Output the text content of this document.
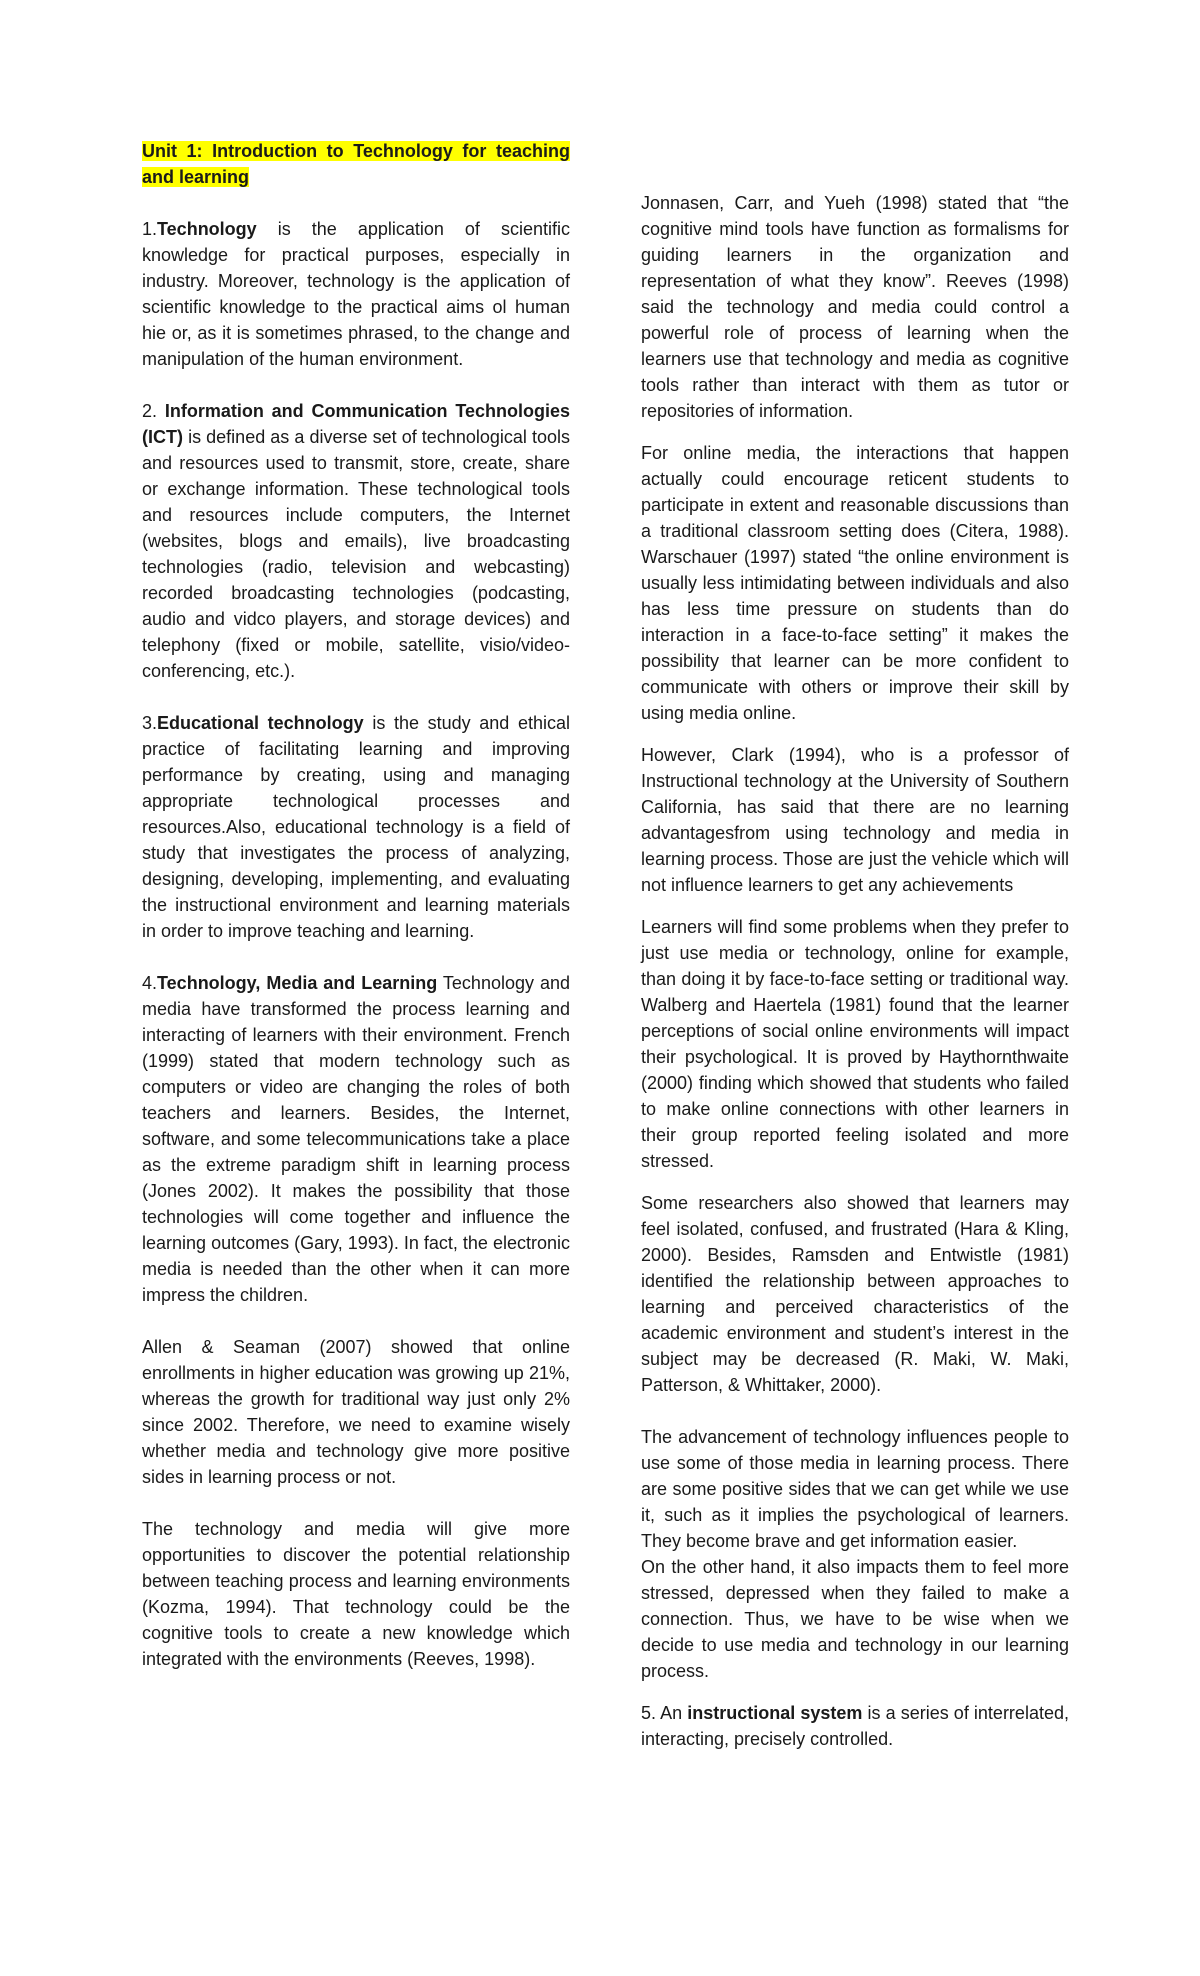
Unit 1: Introduction to Technology for teaching and learning

1.Technology is the application of scientific knowledge for practical purposes, especially in industry. Moreover, technology is the application of scientific knowledge to the practical aims ol human hie or, as it is sometimes phrased, to the change and manipulation of the human environment.

2. Information and Communication Technologies (ICT) is defined as a diverse set of technological tools and resources used to transmit, store, create, share or exchange information. These technological tools and resources include computers, the Internet (websites, blogs and emails), live broadcasting technologies (radio, television and webcasting) recorded broadcasting technologies (podcasting, audio and vidco players, and storage devices) and telephony (fixed or mobile, satellite, visio/video-conferencing, etc.).

3.Educational technology is the study and ethical practice of facilitating learning and improving performance by creating, using and managing appropriate technological processes and resources.Also, educational technology is a field of study that investigates the process of analyzing, designing, developing, implementing, and evaluating the instructional environment and learning materials in order to improve teaching and learning.

4.Technology, Media and Learning Technology and media have transformed the process learning and interacting of learners with their environment. French (1999) stated that modern technology such as computers or video are changing the roles of both teachers and learners. Besides, the Internet, software, and some telecommunications take a place as the extreme paradigm shift in learning process (Jones 2002). It makes the possibility that those technologies will come together and influence the learning outcomes (Gary, 1993). In fact, the electronic media is needed than the other when it can more impress the children.

Allen & Seaman (2007) showed that online enrollments in higher education was growing up 21%, whereas the growth for traditional way just only 2% since 2002. Therefore, we need to examine wisely whether media and technology give more positive sides in learning process or not.

The technology and media will give more opportunities to discover the potential relationship between teaching process and learning environments (Kozma, 1994). That technology could be the cognitive tools to create a new knowledge which integrated with the environments (Reeves, 1998).

Jonnasen, Carr, and Yueh (1998) stated that “the cognitive mind tools have function as formalisms for guiding learners in the organization and representation of what they know”. Reeves (1998) said the technology and media could control a powerful role of process of learning when the learners use that technology and media as cognitive tools rather than interact with them as tutor or repositories of information.

For online media, the interactions that happen actually could encourage reticent students to participate in extent and reasonable discussions than a traditional classroom setting does (Citera, 1988). Warschauer (1997) stated “the online environment is usually less intimidating between individuals and also has less time pressure on students than do interaction in a face-to-face setting” it makes the possibility that learner can be more confident to communicate with others or improve their skill by using media online.

However, Clark (1994), who is a professor of Instructional technology at the University of Southern California, has said that there are no learning advantagesfrom using technology and media in learning process. Those are just the vehicle which will not influence learners to get any achievements

Learners will find some problems when they prefer to just use media or technology, online for example, than doing it by face-to-face setting or traditional way. Walberg and Haertela (1981) found that the learner perceptions of social online environments will impact their psychological. It is proved by Haythornthwaite (2000) finding which showed that students who failed to make online connections with other learners in their group reported feeling isolated and more stressed.

Some researchers also showed that learners may feel isolated, confused, and frustrated (Hara & Kling, 2000). Besides, Ramsden and Entwistle (1981) identified the relationship between approaches to learning and perceived characteristics of the academic environment and student’s interest in the subject may be decreased (R. Maki, W. Maki, Patterson, & Whittaker, 2000).

The advancement of technology influences people to use some of those media in learning process. There are some positive sides that we can get while we use it, such as it implies the psychological of learners. They become brave and get information easier.

On the other hand, it also impacts them to feel more stressed, depressed when they failed to make a connection. Thus, we have to be wise when we decide to use media and technology in our learning process.

5. An instructional system is a series of interrelated, interacting, precisely controlled.
